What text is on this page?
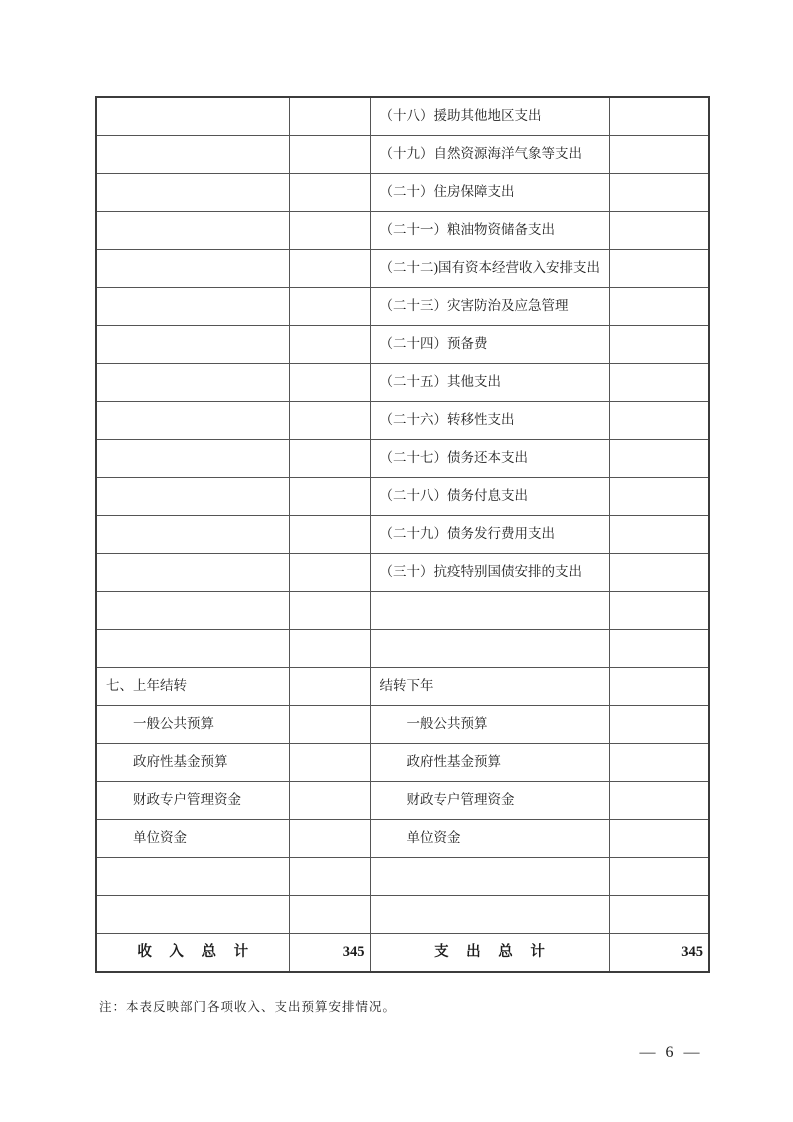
		（十八）援助其他地区支出	
		（十九）自然资源海洋气象等支出	
		（二十）住房保障支出	
		（二十一）粮油物资储备支出	
		（二十二)国有资本经营收入安排支出	
		（二十三）灾害防治及应急管理	
		（二十四）预备费	
		（二十五）其他支出	
		（二十六）转移性支出	
		（二十七）债务还本支出	
		（二十八）债务付息支出	
		（二十九）债务发行费用支出	
		（三十）抗疫特别国债安排的支出	

七、上年结转		结转下年	
一般公共预算		一般公共预算	
政府性基金预算		政府性基金预算	
财政专户管理资金		财政专户管理资金	
单位资金		单位资金	

收 入 总 计	345	支 出 总 计	345
注：本表反映部门各项收入、支出预算安排情况。
— 6 —
